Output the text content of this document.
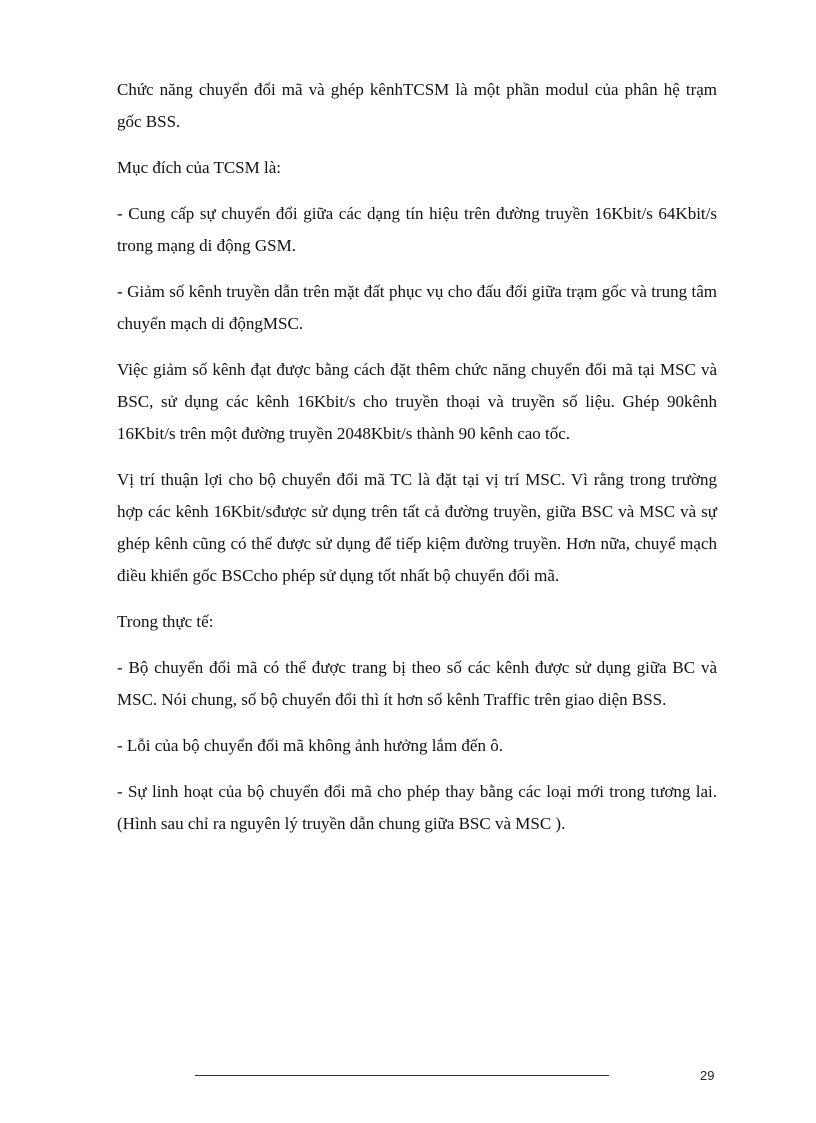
Chức năng chuyển đổi mã và ghép kênhTCSM là một phần modul của phân hệ trạm gốc BSS.

Mục đích của TCSM là:

- Cung cấp sự chuyển đổi giữa các dạng tín hiệu trên đường truyền 16Kbit/s 64Kbit/s trong mạng di động GSM.

- Giảm số kênh truyền dẫn trên mặt đất phục vụ cho đấu đối giữa trạm gốc và trung tâm chuyển mạch di độngMSC.

Việc giảm số kênh đạt được bằng cách đặt thêm chức năng chuyển đổi mã tại MSC và BSC, sử dụng các kênh 16Kbit/s cho truyền thoại và truyền số liệu. Ghép 90kênh 16Kbit/s trên một đường truyền 2048Kbit/s thành 90 kênh cao tốc.

Vị trí thuận lợi cho bộ chuyển đổi mã TC là đặt tại vị trí MSC. Vì rằng trong trường hợp các kênh 16Kbit/sđược sử dụng trên tất cả đường truyền, giữa BSC và MSC và sự ghép kênh cũng có thể được sử dụng để tiếp kiệm đường truyền. Hơn nữa, chuyể mạch điều khiển gốc BSCcho phép sử dụng tốt nhất bộ chuyển đổi mã.

Trong thực tế:

- Bộ chuyển đổi mã có thể được trang bị theo số các kênh được sử dụng giữa BC và MSC. Nói chung, số bộ chuyển đổi thì ít hơn số kênh Traffic trên giao diện BSS.

- Lỗi của bộ chuyển đổi mã không ảnh hưởng lắm đến ô.

- Sự linh hoạt của bộ chuyển đổi mã cho phép thay bằng các loại mới trong tương lai. (Hình sau chỉ ra nguyên lý truyền dẫn chung giữa BSC và MSC ).

29
